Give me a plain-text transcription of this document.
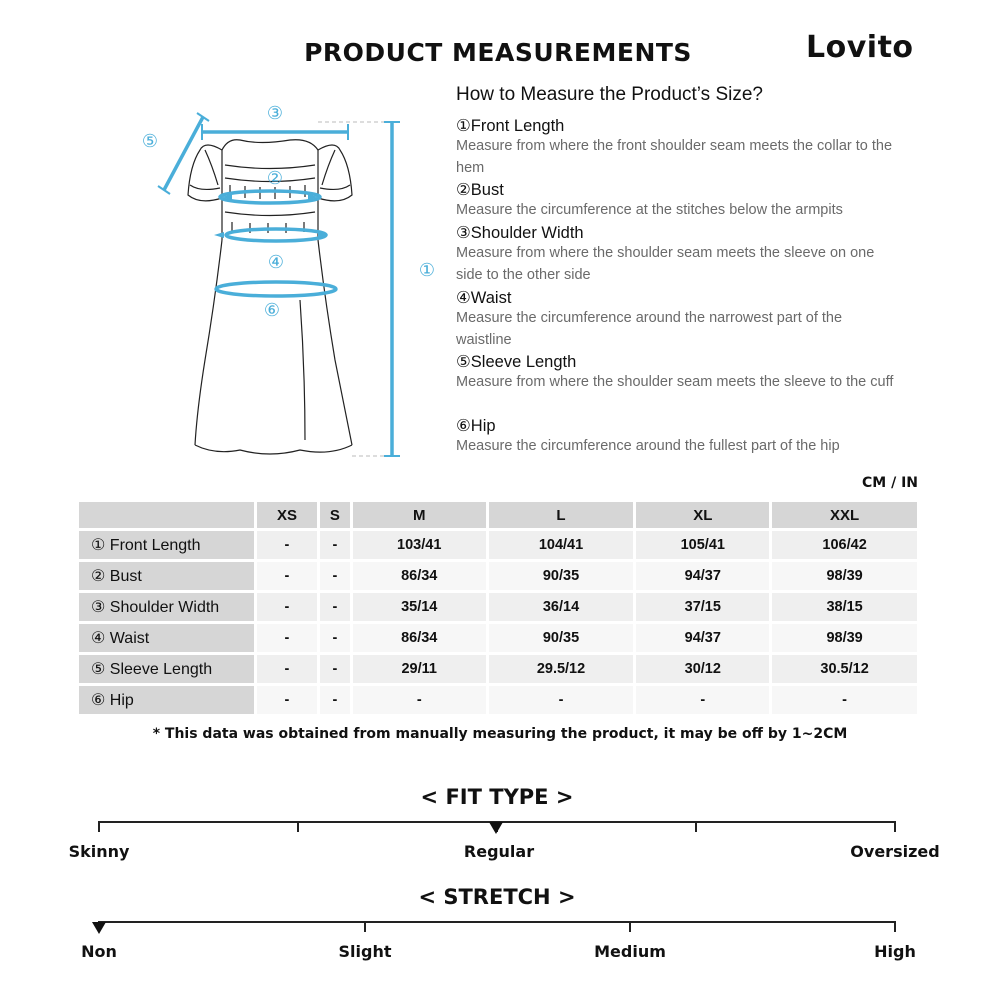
PRODUCT MEASUREMENTS	Lovito
③
⑤
②
④
⑥
①
How to Measure the Product’s Size?
①Front Length
Measure from where the front shoulder seam meets the collar to the hem
②Bust
Measure the circumference at the stitches below the armpits
③Shoulder Width
Measure from where the shoulder seam meets the sleeve on one side to the other side
④Waist
Measure the circumference around the narrowest part of the waistline
⑤Sleeve Length
Measure from where the shoulder seam meets the sleeve to the cuff
⑥Hip
Measure the circumference around the fullest part of the hip
CM / IN
	XS	S	M	L	XL	XXL
① Front Length	-	-	103/41	104/41	105/41	106/42
② Bust	-	-	86/34	90/35	94/37	98/39
③ Shoulder Width	-	-	35/14	36/14	37/15	38/15
④ Waist	-	-	86/34	90/35	94/37	98/39
⑤ Sleeve Length	-	-	29/11	29.5/12	30/12	30.5/12
⑥ Hip	-	-	-	-	-	-
* This data was obtained from manually measuring the product, it may be off by 1~2CM
< FIT TYPE >
Skinny	Regular	Oversized
< STRETCH >
Non	Slight	Medium	High
